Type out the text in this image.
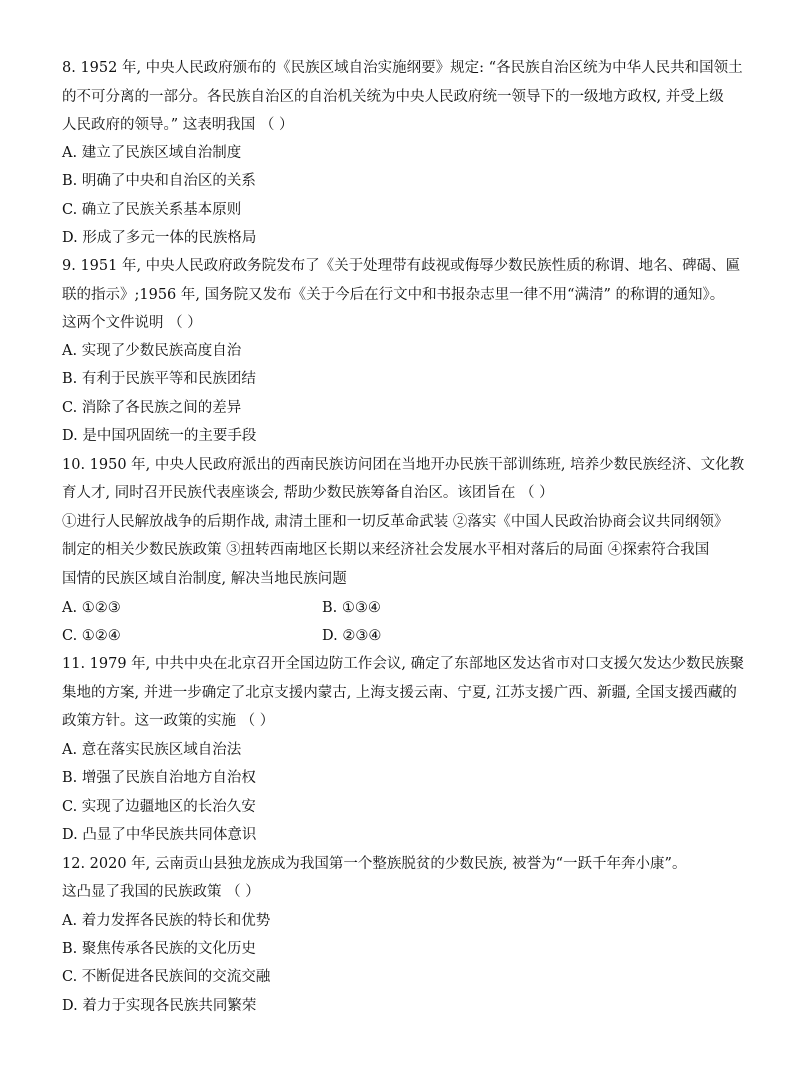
8. 1952 年, 中央人民政府颁布的《民族区域自治实施纲要》规定: “各民族自治区统为中华人民共和国领土
的不可分离的一部分。各民族自治区的自治机关统为中央人民政府统一领导下的一级地方政权, 并受上级
人民政府的领导。” 这表明我国 （ ）
A. 建立了民族区域自治制度
B. 明确了中央和自治区的关系
C. 确立了民族关系基本原则
D. 形成了多元一体的民族格局
9. 1951 年, 中央人民政府政务院发布了《关于处理带有歧视或侮辱少数民族性质的称谓、地名、碑碣、匾
联的指示》;1956 年, 国务院又发布《关于今后在行文中和书报杂志里一律不用“满清” 的称谓的通知》。
这两个文件说明 （ ）
A. 实现了少数民族高度自治
B. 有利于民族平等和民族团结
C. 消除了各民族之间的差异
D. 是中国巩固统一的主要手段
10. 1950 年, 中央人民政府派出的西南民族访问团在当地开办民族干部训练班, 培养少数民族经济、文化教
育人才, 同时召开民族代表座谈会, 帮助少数民族筹备自治区。该团旨在 （ ）
①进行人民解放战争的后期作战, 肃清土匪和一切反革命武装 ②落实《中国人民政治协商会议共同纲领》
制定的相关少数民族政策 ③扭转西南地区长期以来经济社会发展水平相对落后的局面 ④探索符合我国
国情的民族区域自治制度, 解决当地民族问题
A. ①②③	B. ①③④
C. ①②④	D. ②③④
11. 1979 年, 中共中央在北京召开全国边防工作会议, 确定了东部地区发达省市对口支援欠发达少数民族聚
集地的方案, 并进一步确定了北京支援内蒙古, 上海支援云南、宁夏, 江苏支援广西、新疆, 全国支援西藏的
政策方针。这一政策的实施 （ ）
A. 意在落实民族区域自治法
B. 增强了民族自治地方自治权
C. 实现了边疆地区的长治久安
D. 凸显了中华民族共同体意识
12. 2020 年, 云南贡山县独龙族成为我国第一个整族脱贫的少数民族, 被誉为“一跃千年奔小康”。
这凸显了我国的民族政策 （ ）
A. 着力发挥各民族的特长和优势
B. 聚焦传承各民族的文化历史
C. 不断促进各民族间的交流交融
D. 着力于实现各民族共同繁荣
